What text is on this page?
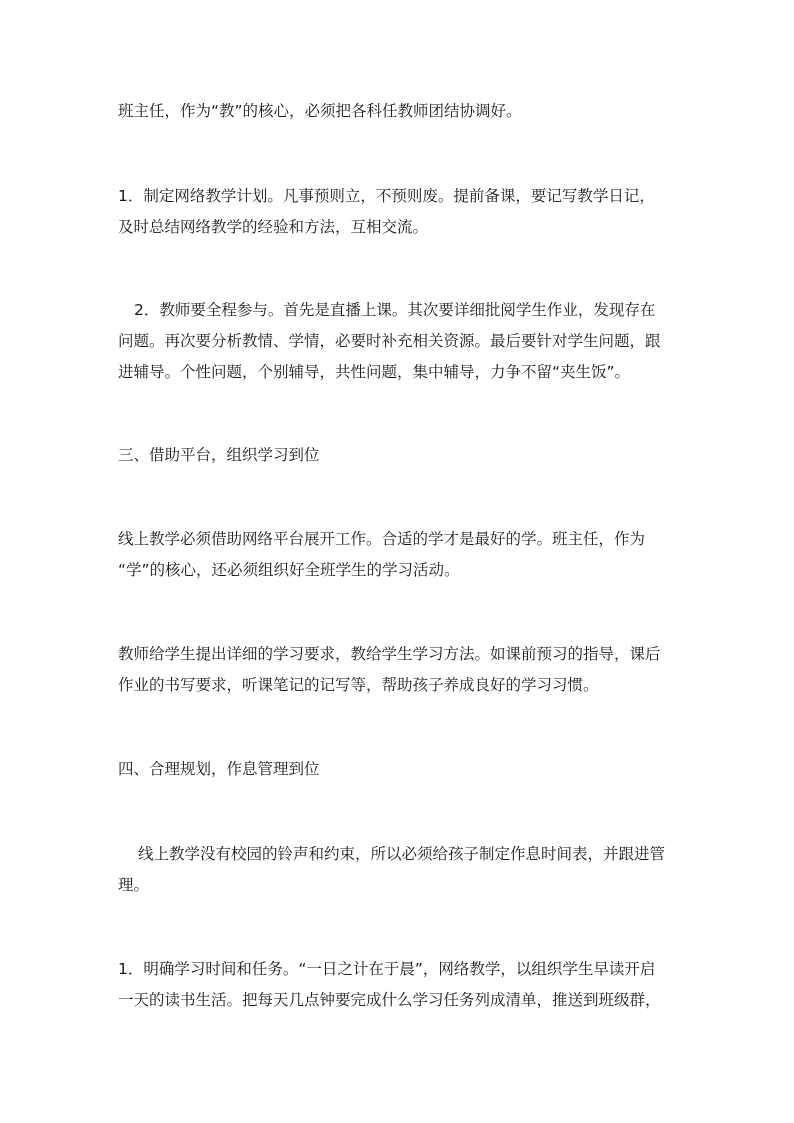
班主任，作为“教”的核心，必须把各科任教师团结协调好。

1．制定网络教学计划。凡事预则立，不预则废。提前备课，要记写教学日记，
及时总结网络教学的经验和方法，互相交流。

2．教师要全程参与。首先是直播上课。其次要详细批阅学生作业，发现存在
问题。再次要分析教情、学情，必要时补充相关资源。最后要针对学生问题，跟
进辅导。个性问题，个别辅导，共性问题，集中辅导，力争不留“夹生饭”。

三、借助平台，组织学习到位

线上教学必须借助网络平台展开工作。合适的学才是最好的学。班主任，作为
“学”的核心，还必须组织好全班学生的学习活动。

教师给学生提出详细的学习要求，教给学生学习方法。如课前预习的指导，课后
作业的书写要求，听课笔记的记写等，帮助孩子养成良好的学习习惯。

四、合理规划，作息管理到位

线上教学没有校园的铃声和约束，所以必须给孩子制定作息时间表，并跟进管
理。

1．明确学习时间和任务。“一日之计在于晨”，网络教学，以组织学生早读开启
一天的读书生活。把每天几点钟要完成什么学习任务列成清单，推送到班级群，
